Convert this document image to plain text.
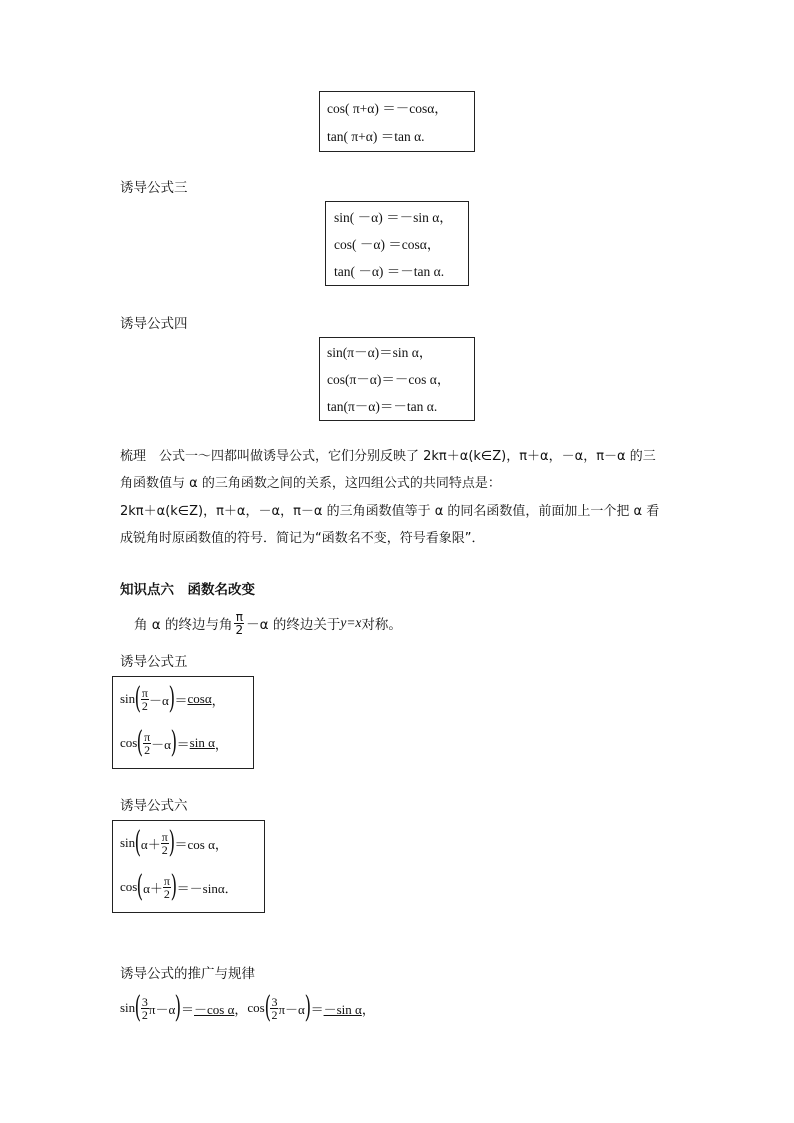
cos( π+α) ＝－cosα，
tan( π+α) ＝tan α.
诱导公式三
sin( －α) ＝－sin α，
cos( －α) ＝cosα，
tan( －α) ＝－tan α.
诱导公式四
sin(π－α)＝sin α，
cos(π－α)＝－cos α，
tan(π－α)＝－tan α.
梳理　公式一～四都叫做诱导公式，它们分别反映了 2kπ＋α(k∈Z)，π＋α，－α，π－α 的三
角函数值与 α 的三角函数之间的关系，这四组公式的共同特点是：
2kπ＋α(k∈Z)，π＋α，－α，π－α 的三角函数值等于 α 的同名函数值，前面加上一个把 α 看
成锐角时原函数值的符号．简记为“函数名不变，符号看象限”．
知识点六　函数名改变
角 α 的终边与角 $\frac{\pi}{2} -\alpha$ 的终边关于 y=x 对称。
诱导公式五
sin ( $\frac{\pi}{2} -\alpha$ ) ＝ cosα ，
cos ( $\frac{\pi}{2} -\alpha$ ) ＝ sin α ，
诱导公式六
sin ( $\alpha+ \frac{\pi}{2}$ ) ＝cos α，
cos ( $\alpha+ \frac{\pi}{2}$ ) ＝－sinα．
诱导公式的推广与规律
sin ( $\frac{3}{2} \pi-\alpha$ ) ＝ －cos α ， cos ( $\frac{3}{2} \pi-\alpha$ ) ＝ －sin α ，
